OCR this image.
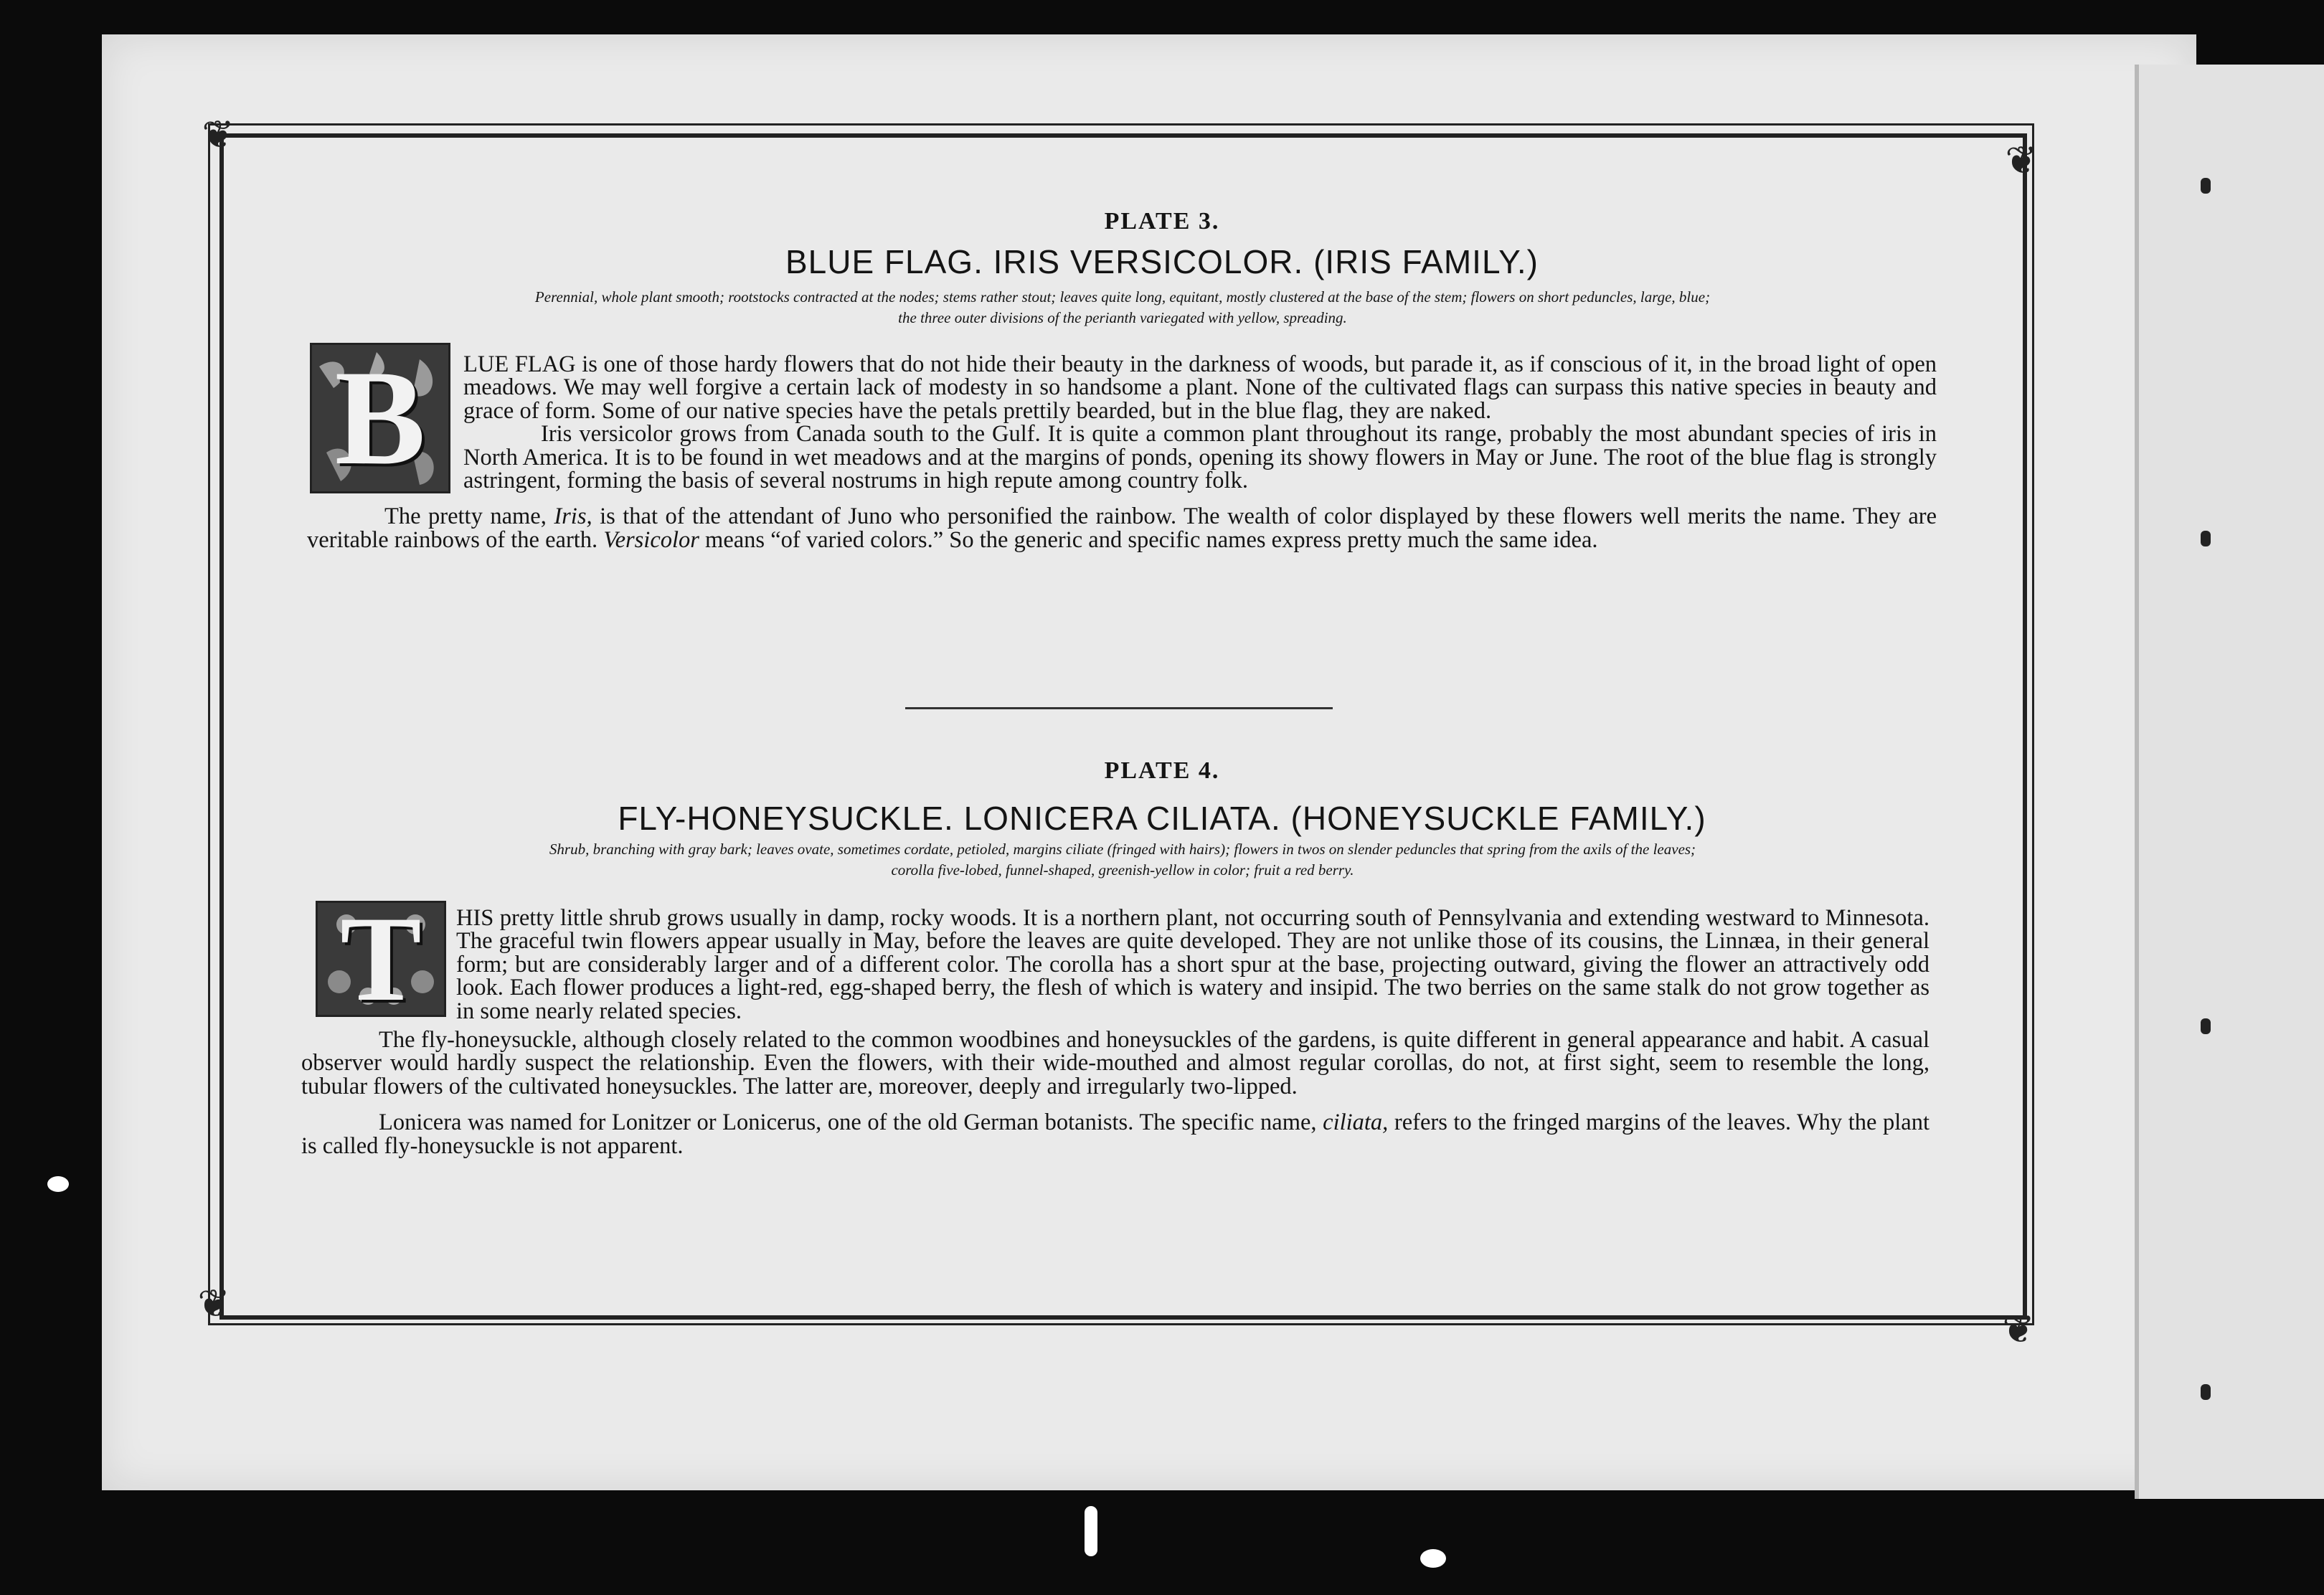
❦
❦
❦
❦
PLATE 3.
BLUE FLAG. IRIS VERSICOLOR. (IRIS FAMILY.)
Perennial, whole plant smooth; rootstocks contracted at the nodes; stems rather stout; leaves quite long, equitant, mostly clustered at the base of the stem; flowers on short peduncles, large, blue;
the three outer divisions of the perianth variegated with yellow, spreading.
B	LUE FLAG is one of those hardy flowers that do not hide their beauty in the darkness of woods, but parade it, as if conscious of it, in the broad light of open meadows. We may well forgive a certain lack of modesty in so handsome a plant. None of the cultivated flags can surpass this native species in beauty and grace of form. Some of our native species have the petals prettily bearded, but in the blue flag, they are naked.

Iris versicolor grows from Canada south to the Gulf. It is quite a common plant throughout its range, probably the most abundant species of iris in North America. It is to be found in wet meadows and at the margins of ponds, opening its showy flowers in May or June. The root of the blue flag is strongly astringent, forming the basis of several nostrums in high repute among country folk.

The pretty name, Iris, is that of the attendant of Juno who personified the rainbow. The wealth of color displayed by these flowers well merits the name. They are veritable rainbows of the earth. Versicolor means “of varied colors.” So the generic and specific names express pretty much the same idea.

PLATE 4.
FLY-HONEYSUCKLE. LONICERA CILIATA. (HONEYSUCKLE FAMILY.)
Shrub, branching with gray bark; leaves ovate, sometimes cordate, petioled, margins ciliate (fringed with hairs); flowers in twos on slender peduncles that spring from the axils of the leaves;
corolla five-lobed, funnel-shaped, greenish-yellow in color; fruit a red berry.
T	HIS pretty little shrub grows usually in damp, rocky woods. It is a northern plant, not occurring south of Pennsylvania and extending westward to Minnesota. The graceful twin flowers appear usually in May, before the leaves are quite developed. They are not unlike those of its cousins, the Linnæa, in their general form; but are considerably larger and of a different color. The corolla has a short spur at the base, projecting outward, giving the flower an attractively odd look. Each flower produces a light-red, egg-shaped berry, the flesh of which is watery and insipid. The two berries on the same stalk do not grow together as in some nearly related species.

The fly-honeysuckle, although closely related to the common woodbines and honeysuckles of the gardens, is quite different in general appearance and habit. A casual observer would hardly suspect the relationship. Even the flowers, with their wide-mouthed and almost regular corollas, do not, at first sight, seem to resemble the long, tubular flowers of the cultivated honeysuckles. The latter are, moreover, deeply and irregularly two-lipped.

Lonicera was named for Lonitzer or Lonicerus, one of the old German botanists. The specific name, ciliata, refers to the fringed margins of the leaves. Why the plant is called fly-honeysuckle is not apparent.
